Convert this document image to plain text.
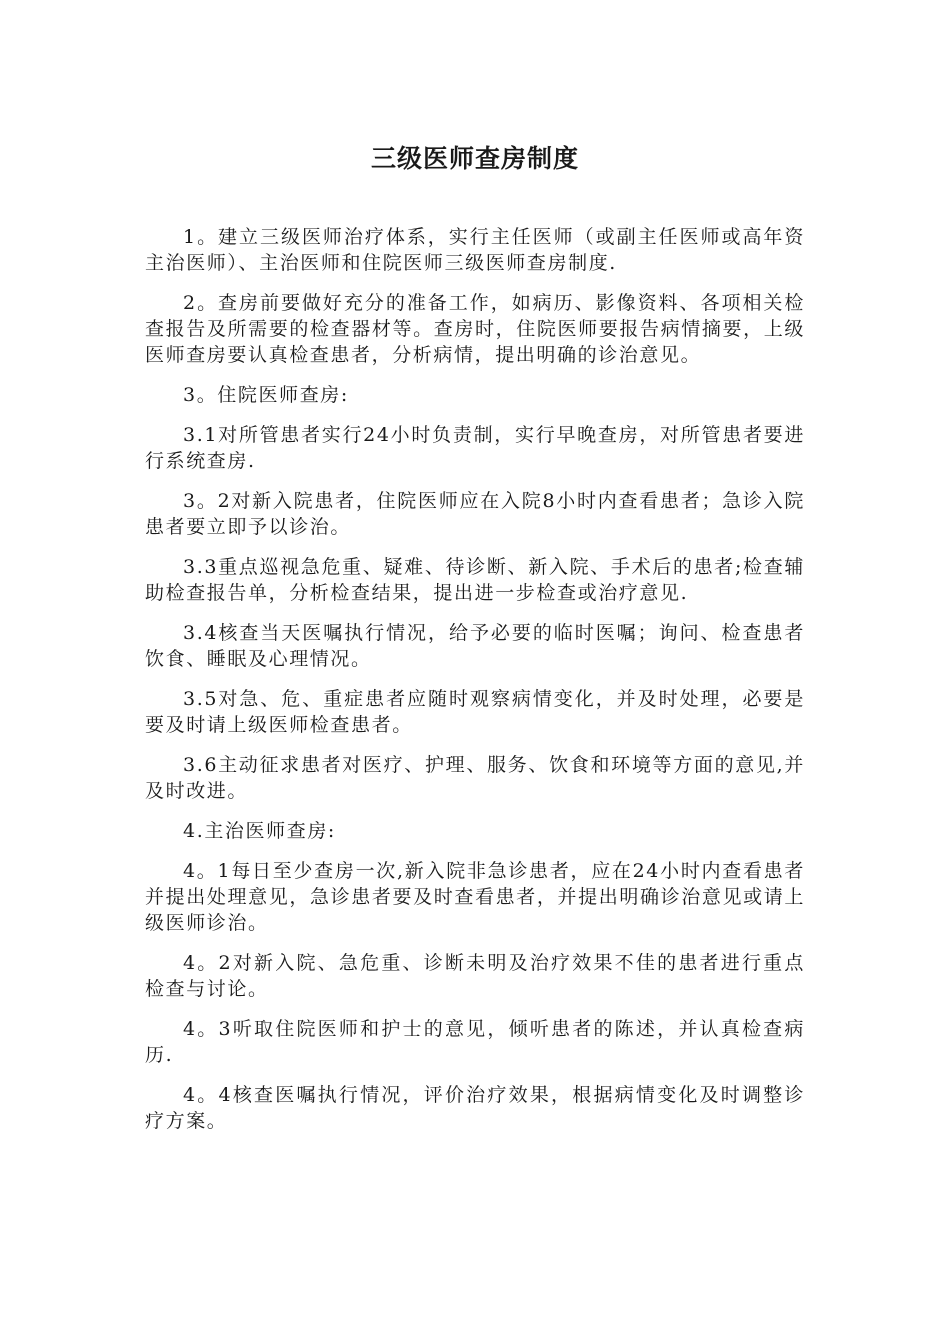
三级医师查房制度

1。建立三级医师治疗体系，实行主任医师（或副主任医师或高年资主治医师）、主治医师和住院医师三级医师查房制度.

2。查房前要做好充分的准备工作，如病历、影像资料、各项相关检查报告及所需要的检查器材等。查房时，住院医师要报告病情摘要，上级医师查房要认真检查患者，分析病情，提出明确的诊治意见。

3。住院医师查房:

3.1对所管患者实行24小时负责制，实行早晚查房，对所管患者要进行系统查房.

3。2对新入院患者，住院医师应在入院8小时内查看患者；急诊入院患者要立即予以诊治。

3.3重点巡视急危重、疑难、待诊断、新入院、手术后的患者;检查辅助检查报告单，分析检查结果，提出进一步检查或治疗意见.

3.4核查当天医嘱执行情况，给予必要的临时医嘱；询问、检查患者饮食、睡眠及心理情况。

3.5对急、危、重症患者应随时观察病情变化，并及时处理，必要是要及时请上级医师检查患者。

3.6主动征求患者对医疗、护理、服务、饮食和环境等方面的意见,并及时改进。

4.主治医师查房:

4。1每日至少查房一次,新入院非急诊患者，应在24小时内查看患者并提出处理意见，急诊患者要及时查看患者，并提出明确诊治意见或请上级医师诊治。

4。2对新入院、急危重、诊断未明及治疗效果不佳的患者进行重点检查与讨论。

4。3听取住院医师和护士的意见，倾听患者的陈述，并认真检查病历.

4。4核查医嘱执行情况，评价治疗效果，根据病情变化及时调整诊疗方案。
